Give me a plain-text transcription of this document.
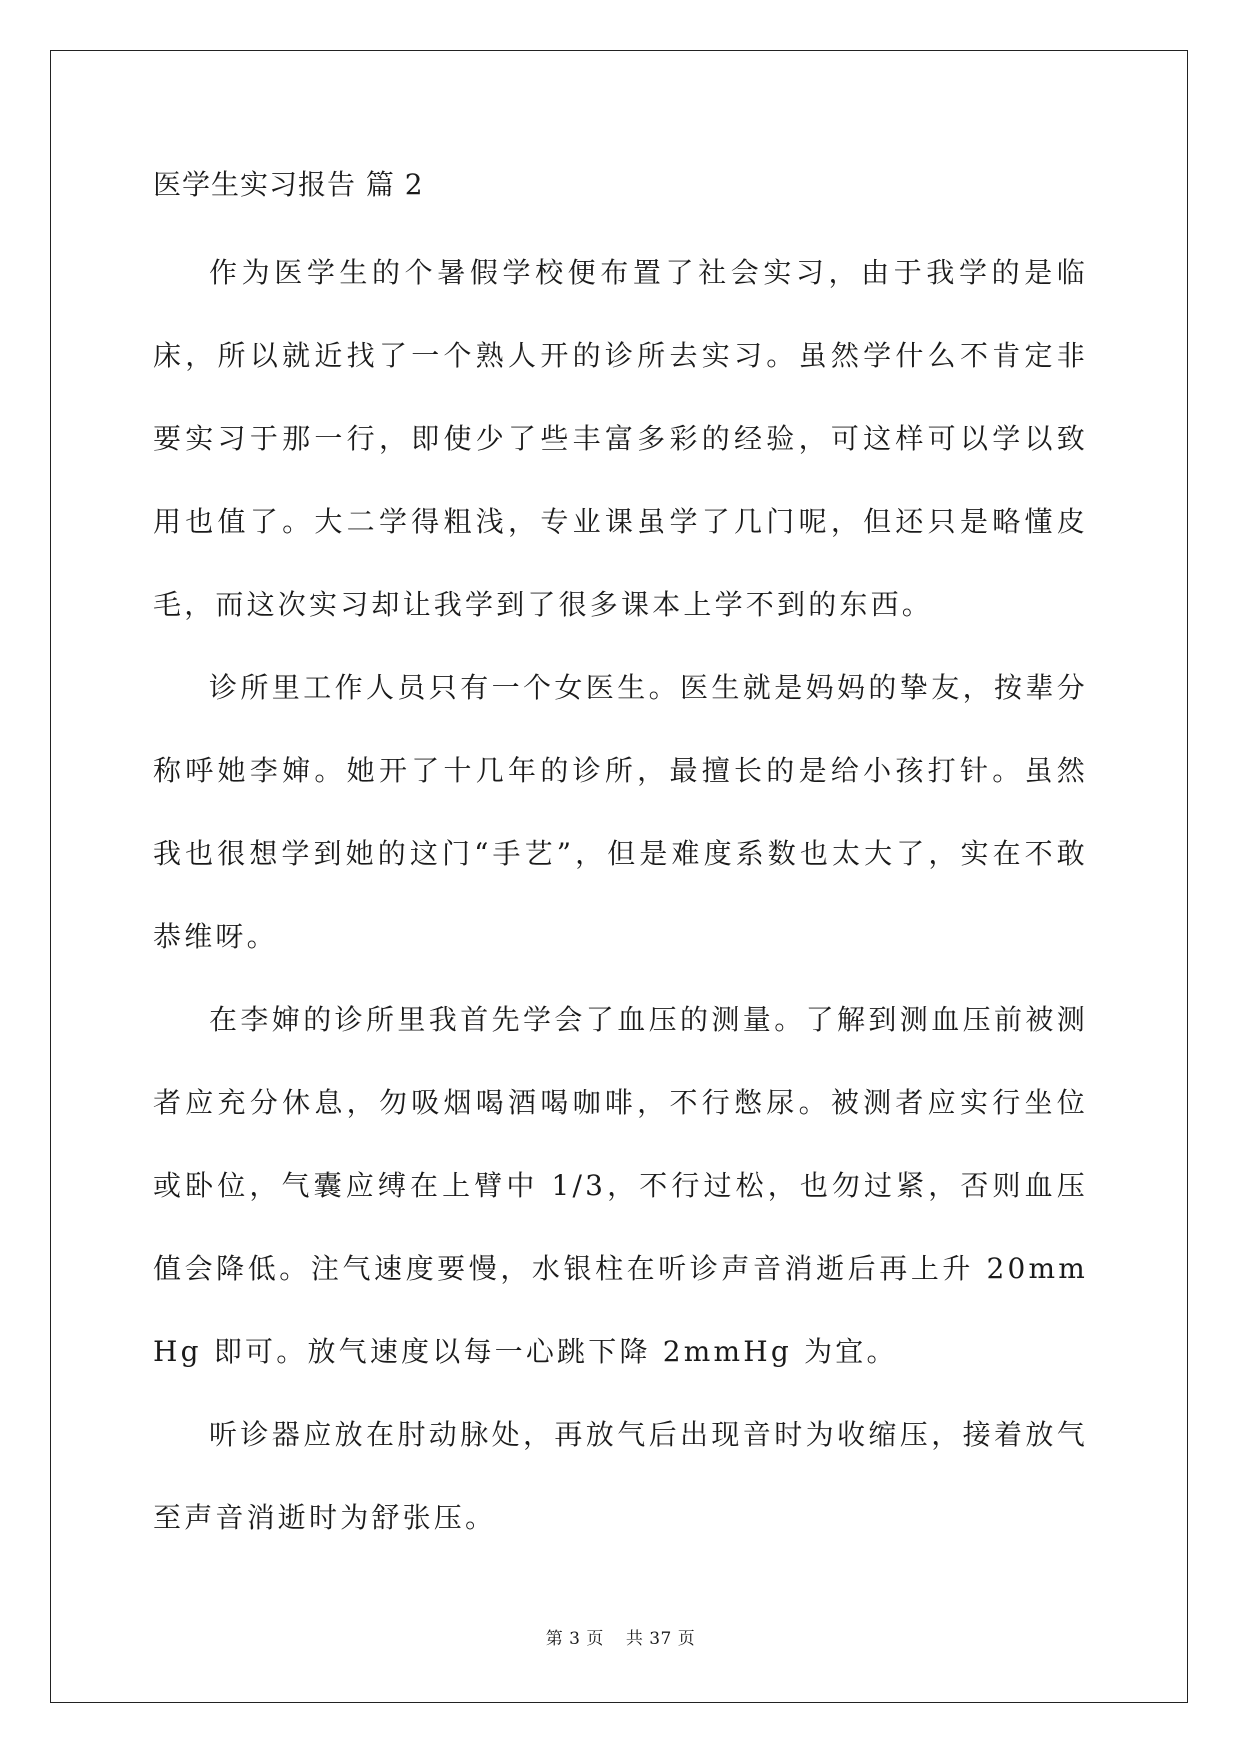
医学生实习报告 篇 2

作为医学生的个暑假学校便布置了社会实习，由于我学的是临床，所以就近找了一个熟人开的诊所去实习。虽然学什么不肯定非要实习于那一行，即使少了些丰富多彩的经验，可这样可以学以致用也值了。大二学得粗浅，专业课虽学了几门呢，但还只是略懂皮毛，而这次实习却让我学到了很多课本上学不到的东西。

诊所里工作人员只有一个女医生。医生就是妈妈的挚友，按辈分称呼她李婶。她开了十几年的诊所，最擅长的是给小孩打针。虽然我也很想学到她的这门“手艺”，但是难度系数也太大了，实在不敢恭维呀。

在李婶的诊所里我首先学会了血压的测量。了解到测血压前被测者应充分休息，勿吸烟喝酒喝咖啡，不行憋尿。被测者应实行坐位或卧位，气囊应缚在上臂中 1/3，不行过松，也勿过紧，否则血压值会降低。注气速度要慢，水银柱在听诊声音消逝后再上升 20mmHg 即可。放气速度以每一心跳下降 2mmHg 为宜。

听诊器应放在肘动脉处，再放气后出现音时为收缩压，接着放气至声音消逝时为舒张压。

第 3 页 共 37 页
